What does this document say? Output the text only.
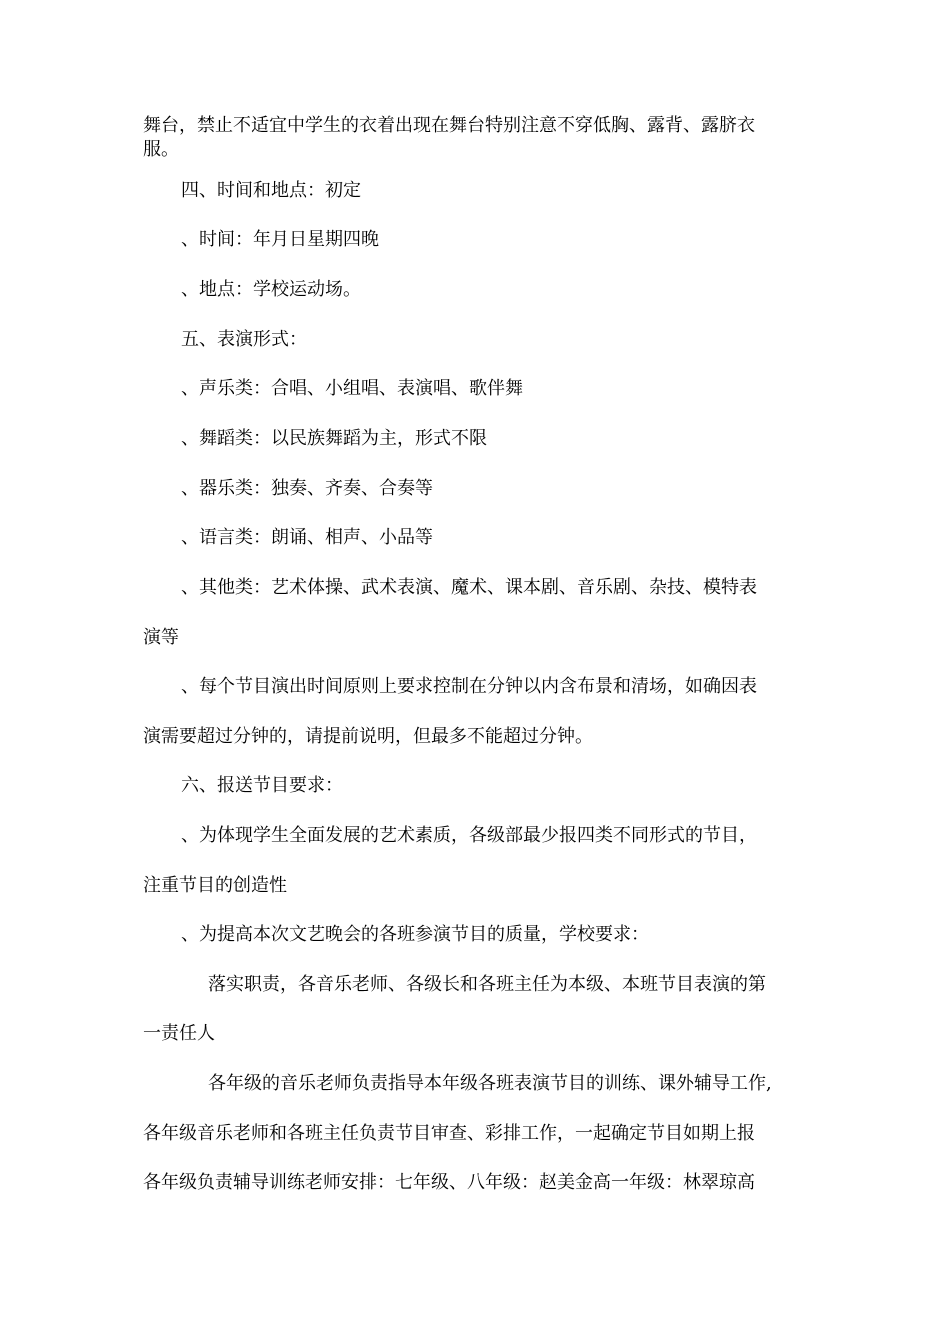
舞台，禁止不适宜中学生的衣着出现在舞台特别注意不穿低胸、露背、露脐衣
服。
四、时间和地点：初定
、时间：年月日星期四晚
、地点：学校运动场。
五、表演形式：
、声乐类：合唱、小组唱、表演唱、歌伴舞
、舞蹈类：以民族舞蹈为主，形式不限
、器乐类：独奏、齐奏、合奏等
、语言类：朗诵、相声、小品等
、其他类：艺术体操、武术表演、魔术、课本剧、音乐剧、杂技、模特表
演等
、每个节目演出时间原则上要求控制在分钟以内含布景和清场，如确因表
演需要超过分钟的，请提前说明，但最多不能超过分钟。
六、报送节目要求：
、为体现学生全面发展的艺术素质，各级部最少报四类不同形式的节目，
注重节目的创造性
、为提高本次文艺晚会的各班参演节目的质量，学校要求：
落实职责，各音乐老师、各级长和各班主任为本级、本班节目表演的第
一责任人
各年级的音乐老师负责指导本年级各班表演节目的训练、课外辅导工作,
各年级音乐老师和各班主任负责节目审查、彩排工作，一起确定节目如期上报
各年级负责辅导训练老师安排：七年级、八年级：赵美金高一年级：林翠琼高
